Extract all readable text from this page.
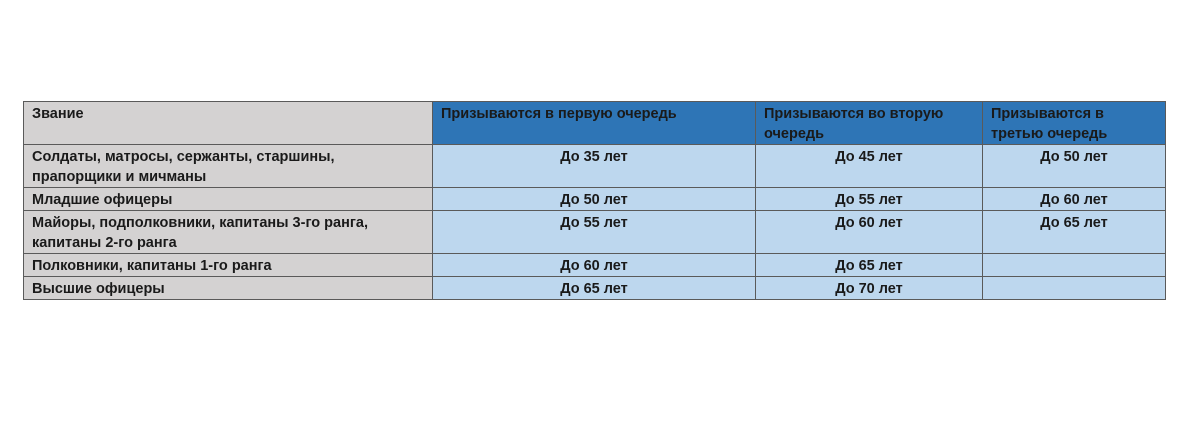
Звание	Призываются в первую очередь	Призываются во вторую очередь	Призываются в третью очередь
Солдаты, матросы, сержанты, старшины, прапорщики и мичманы	До 35 лет	До 45 лет	До 50 лет
Младшие офицеры	До 50 лет	До 55 лет	До 60 лет
Майоры, подполковники, капитаны 3-го ранга, капитаны 2-го ранга	До 55 лет	До 60 лет	До 65 лет
Полковники, капитаны 1-го ранга	До 60 лет	До 65 лет	
Высшие офицеры	До 65 лет	До 70 лет	
